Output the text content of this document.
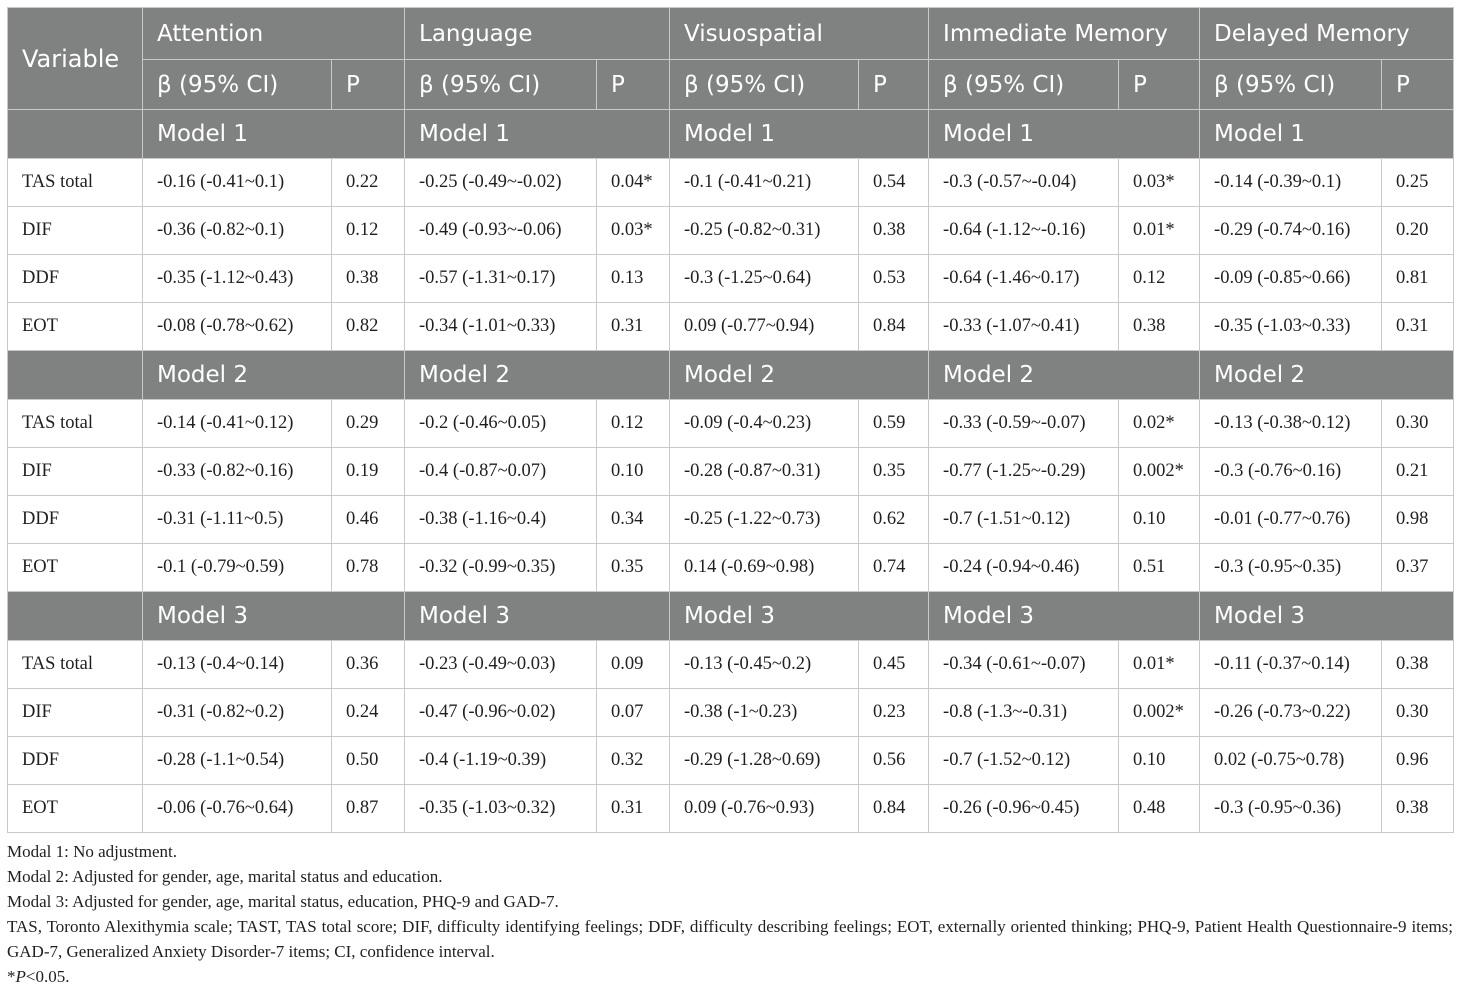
Variable	Attention		Language		Visuospatial		Immediate Memory		Delayed Memory	
	β (95% CI)	P	β (95% CI)	P	β (95% CI)	P	β (95% CI)	P	β (95% CI)	P
	Model 1		Model 1		Model 1		Model 1		Model 1	
TAS total	-0.16 (-0.41~0.1)	0.22	-0.25 (-0.49~-0.02)	0.04*	-0.1 (-0.41~0.21)	0.54	-0.3 (-0.57~-0.04)	0.03*	-0.14 (-0.39~0.1)	0.25
DIF	-0.36 (-0.82~0.1)	0.12	-0.49 (-0.93~-0.06)	0.03*	-0.25 (-0.82~0.31)	0.38	-0.64 (-1.12~-0.16)	0.01*	-0.29 (-0.74~0.16)	0.20
DDF	-0.35 (-1.12~0.43)	0.38	-0.57 (-1.31~0.17)	0.13	-0.3 (-1.25~0.64)	0.53	-0.64 (-1.46~0.17)	0.12	-0.09 (-0.85~0.66)	0.81
EOT	-0.08 (-0.78~0.62)	0.82	-0.34 (-1.01~0.33)	0.31	0.09 (-0.77~0.94)	0.84	-0.33 (-1.07~0.41)	0.38	-0.35 (-1.03~0.33)	0.31
	Model 2		Model 2		Model 2		Model 2		Model 2	
TAS total	-0.14 (-0.41~0.12)	0.29	-0.2 (-0.46~0.05)	0.12	-0.09 (-0.4~0.23)	0.59	-0.33 (-0.59~-0.07)	0.02*	-0.13 (-0.38~0.12)	0.30
DIF	-0.33 (-0.82~0.16)	0.19	-0.4 (-0.87~0.07)	0.10	-0.28 (-0.87~0.31)	0.35	-0.77 (-1.25~-0.29)	0.002*	-0.3 (-0.76~0.16)	0.21
DDF	-0.31 (-1.11~0.5)	0.46	-0.38 (-1.16~0.4)	0.34	-0.25 (-1.22~0.73)	0.62	-0.7 (-1.51~0.12)	0.10	-0.01 (-0.77~0.76)	0.98
EOT	-0.1 (-0.79~0.59)	0.78	-0.32 (-0.99~0.35)	0.35	0.14 (-0.69~0.98)	0.74	-0.24 (-0.94~0.46)	0.51	-0.3 (-0.95~0.35)	0.37
	Model 3		Model 3		Model 3		Model 3		Model 3	
TAS total	-0.13 (-0.4~0.14)	0.36	-0.23 (-0.49~0.03)	0.09	-0.13 (-0.45~0.2)	0.45	-0.34 (-0.61~-0.07)	0.01*	-0.11 (-0.37~0.14)	0.38
DIF	-0.31 (-0.82~0.2)	0.24	-0.47 (-0.96~0.02)	0.07	-0.38 (-1~0.23)	0.23	-0.8 (-1.3~-0.31)	0.002*	-0.26 (-0.73~0.22)	0.30
DDF	-0.28 (-1.1~0.54)	0.50	-0.4 (-1.19~0.39)	0.32	-0.29 (-1.28~0.69)	0.56	-0.7 (-1.52~0.12)	0.10	0.02 (-0.75~0.78)	0.96
EOT	-0.06 (-0.76~0.64)	0.87	-0.35 (-1.03~0.32)	0.31	0.09 (-0.76~0.93)	0.84	-0.26 (-0.96~0.45)	0.48	-0.3 (-0.95~0.36)	0.38

Modal 1: No adjustment.

Modal 2: Adjusted for gender, age, marital status and education.

Modal 3: Adjusted for gender, age, marital status, education, PHQ-9 and GAD-7.

TAS, Toronto Alexithymia scale; TAST, TAS total score; DIF, difficulty identifying feelings; DDF, difficulty describing feelings; EOT, externally oriented thinking; PHQ-9, Patient Health Questionnaire-9 items; GAD-7, Generalized Anxiety Disorder-7 items; CI, confidence interval.

*P<0.05.
